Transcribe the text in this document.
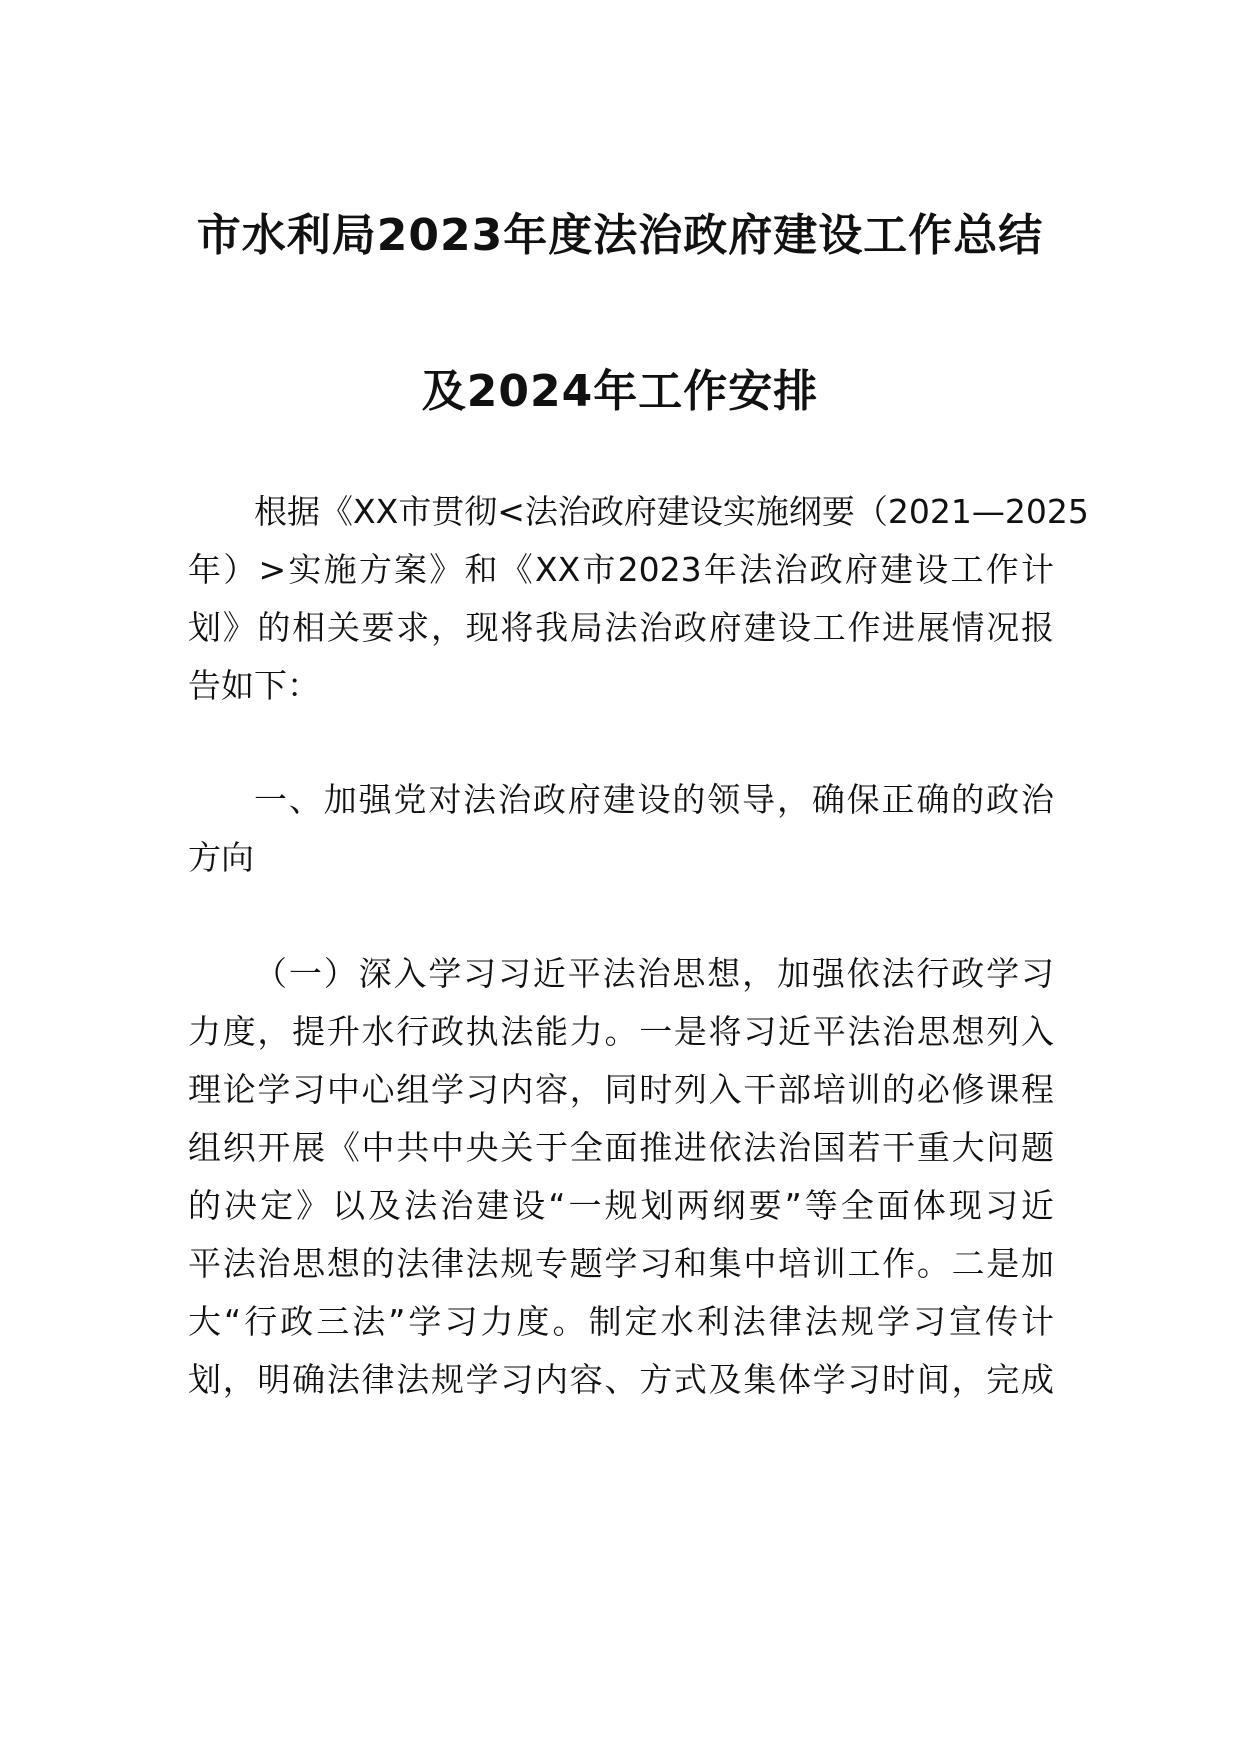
市水利局2023年度法治政府建设工作总结
及2024年工作安排
根据《XX市贯彻<法治政府建设实施纲要（2021—2025
年）>实施方案》和《XX市2023年法治政府建设工作计
划》的相关要求，现将我局法治政府建设工作进展情况报
告如下：
一、加强党对法治政府建设的领导，确保正确的政治
方向
（一）深入学习习近平法治思想，加强依法行政学习
力度，提升水行政执法能力。一是将习近平法治思想列入
理论学习中心组学习内容，同时列入干部培训的必修课程
组织开展《中共中央关于全面推进依法治国若干重大问题
的决定》以及法治建设“一规划两纲要”等全面体现习近
平法治思想的法律法规专题学习和集中培训工作。二是加
大“行政三法”学习力度。制定水利法律法规学习宣传计
划，明确法律法规学习内容、方式及集体学习时间，完成
